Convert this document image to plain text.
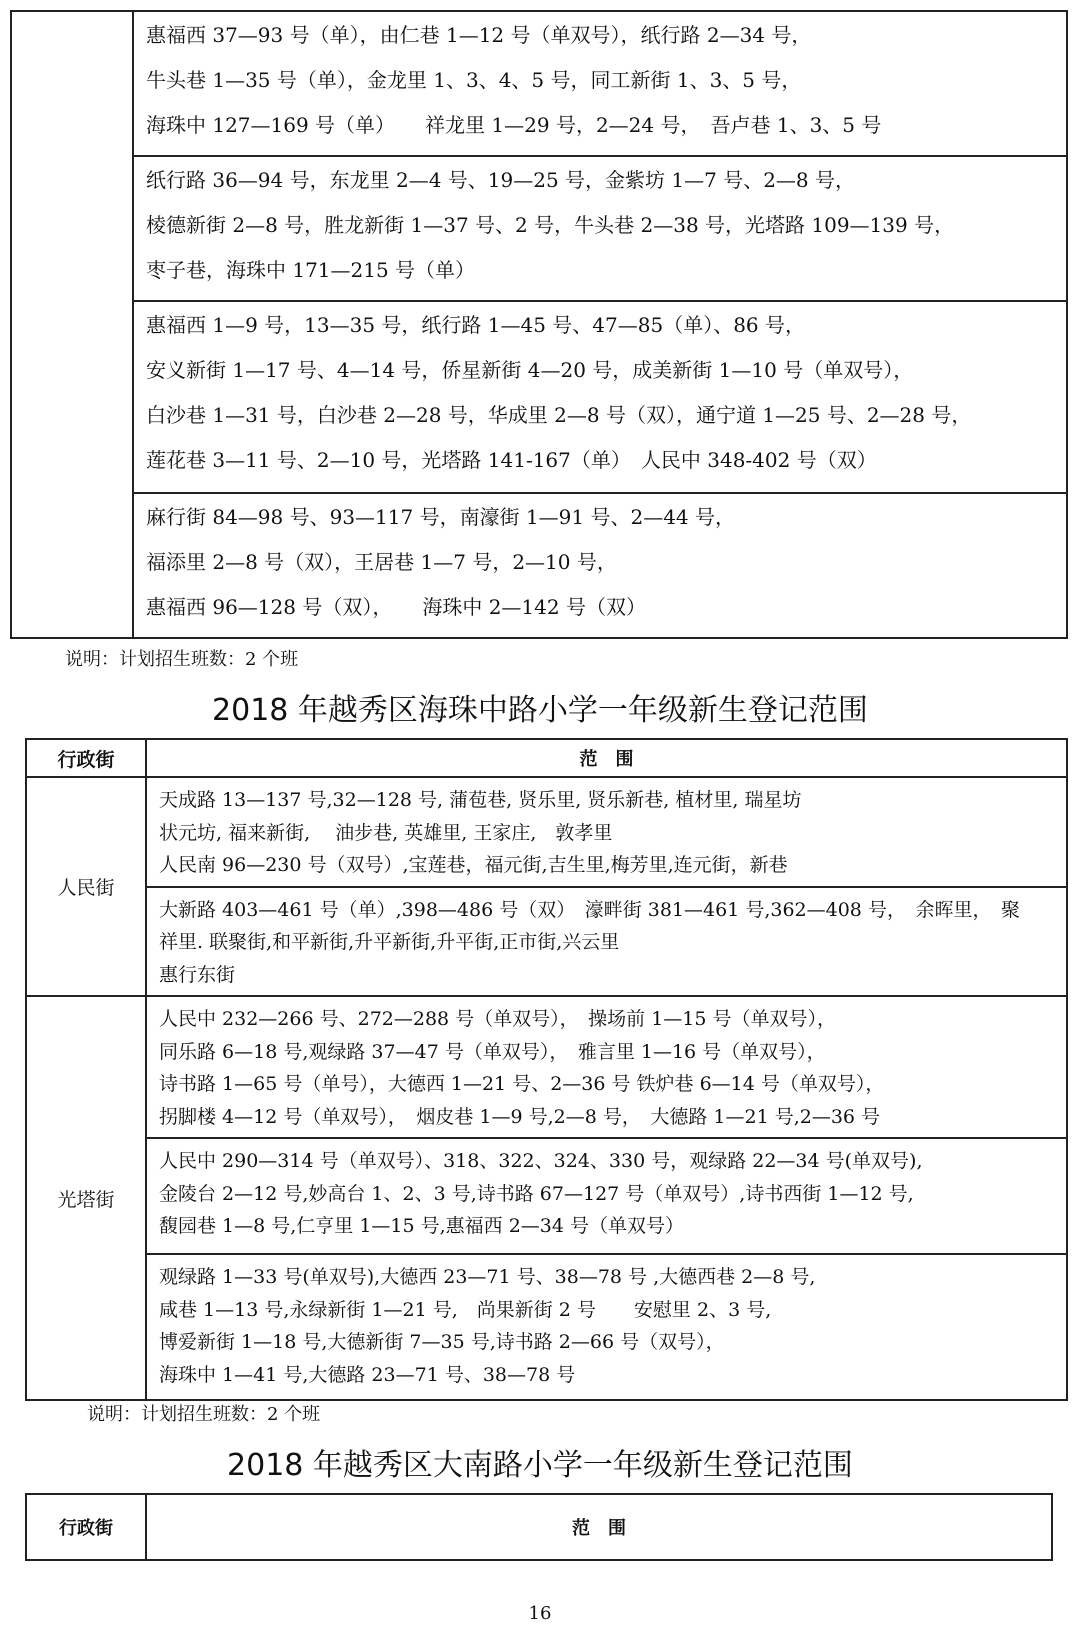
惠福西 37—93 号（单），由仁巷 1—12 号（单双号），纸行路 2—34 号，
牛头巷 1—35 号（单），金龙里 1、3、4、5 号，同工新街 1、3、5 号，
海珠中 127—169 号（单）　　祥龙里 1—29 号，2—24 号，　吾卢巷 1、3、5 号

纸行路 36—94 号，东龙里 2—4 号、19—25 号，金紫坊 1—7 号、2—8 号，
棱德新街 2—8 号，胜龙新街 1—37 号、2 号，牛头巷 2—38 号，光塔路 109—139 号，
枣子巷，海珠中 171—215 号（单）

惠福西 1—9 号，13—35 号，纸行路 1—45 号、47—85（单）、86 号，
安义新街 1—17 号、4—14 号，侨星新街 4—20 号，成美新街 1—10 号（单双号），
白沙巷 1—31 号，白沙巷 2—28 号，华成里 2—8 号（双），通宁道 1—25 号、2—28 号，
莲花巷 3—11 号、2—10 号，光塔路 141-167（单）　人民中 348-402 号（双）

麻行街 84—98 号、93—117 号，南濠街 1—91 号、2—44 号，
福添里 2—8 号（双），王居巷 1—7 号，2—10 号，
惠福西 96—128 号（双），　　海珠中 2—142 号（双）
说明：计划招生班数：2 个班
2018 年越秀区海珠中路小学一年级新生登记范围
行政街	范　围
人民街	天成路 13—137 号,32—128 号, 蒲苞巷, 贤乐里, 贤乐新巷, 植材里, 瑞星坊
状元坊, 福来新街,　 油步巷, 英雄里, 王家庄,　敦孝里
人民南 96—230 号（双号）,宝莲巷，福元街,吉生里,梅芳里,连元街，新巷

	大新路 403—461 号（单）,398—486 号（双）　濠畔街 381—461 号,362—408 号，　余晖里，　聚
祥里. 联聚街,和平新街,升平新街,升平街,正市街,兴云里
惠行东街

光塔街	人民中 232—266 号、272—288 号（单双号），　操场前 1—15 号（单双号），
同乐路 6—18 号,观绿路 37—47 号（单双号），　雅言里 1—16 号（单双号），
诗书路 1—65 号（单号），大德西 1—21 号、2—36 号 铁炉巷 6—14 号（单双号），
拐脚楼 4—12 号（单双号），　烟皮巷 1—9 号,2—8 号，　大德路 1—21 号,2—36 号

	人民中 290—314 号（单双号）、318、322、324、330 号，观绿路 22—34 号(单双号),
金陵台 2—12 号,妙高台 1、2、3 号,诗书路 67—127 号（单双号）,诗书西街 1—12 号,
馥园巷 1—8 号,仁亨里 1—15 号,惠福西 2—34 号（单双号）

	观绿路 1—33 号(单双号),大德西 23—71 号、38—78 号 ,大德西巷 2—8 号,
咸巷 1—13 号,永绿新街 1—21 号,　尚果新街 2 号　　安慰里 2、3 号,
博爱新街 1—18 号,大德新街 7—35 号,诗书路 2—66 号（双号），
海珠中 1—41 号,大德路 23—71 号、38—78 号
说明：计划招生班数：2 个班
2018 年越秀区大南路小学一年级新生登记范围
行政街	范　围
16
